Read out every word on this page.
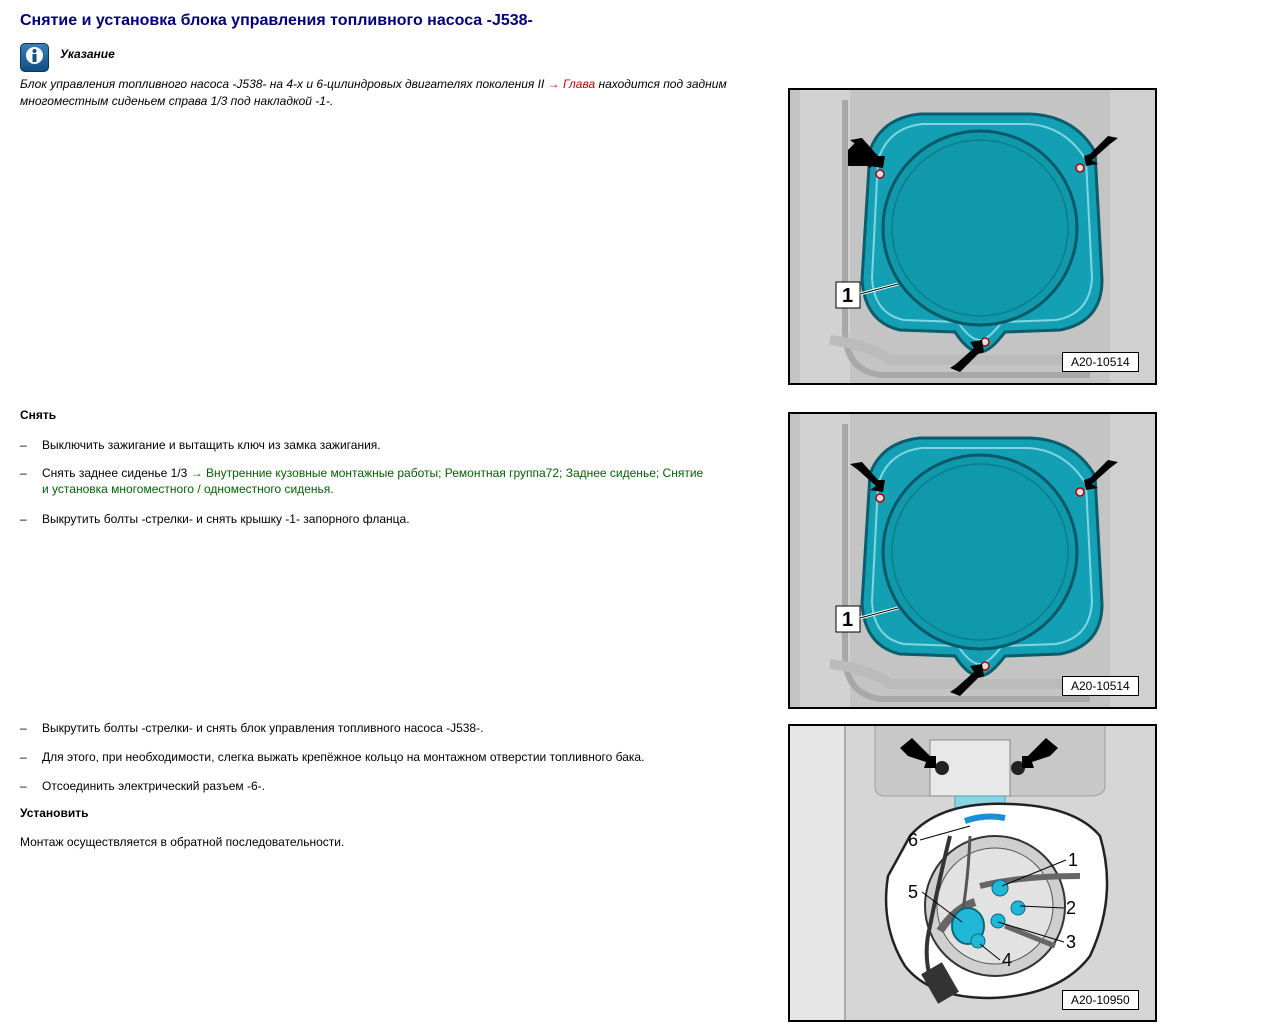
Снятие и установка блока управления топливного насоса -J538-
Указание
Блок управления топливного насоса -J538- на 4-х и 6-цилиндровых двигателях поколения II → Глава находится под задним многоместным сиденьем справа 1/3 под накладкой -1-.
Снять
– Выключить зажигание и вытащить ключ из замка зажигания.
– Снять заднее сиденье 1/3 → Внутренние кузовные монтажные работы; Ремонтная группа72; Заднее сиденье; Снятие
и установка многоместного / одноместного сиденья.
– Выкрутить болты -стрелки- и снять крышку -1- запорного фланца.
– Выкрутить болты -стрелки- и снять блок управления топливного насоса -J538-.
– Для этого, при необходимости, слегка выжать крепёжное кольцо на монтажном отверстии топливного бака.
– Отсоединить электрический разъем -6-.
Установить
Монтаж осуществляется в обратной последовательности.
1
A20-10514
1
A20-10514
6
1
5
2
3
4
A20-10950
